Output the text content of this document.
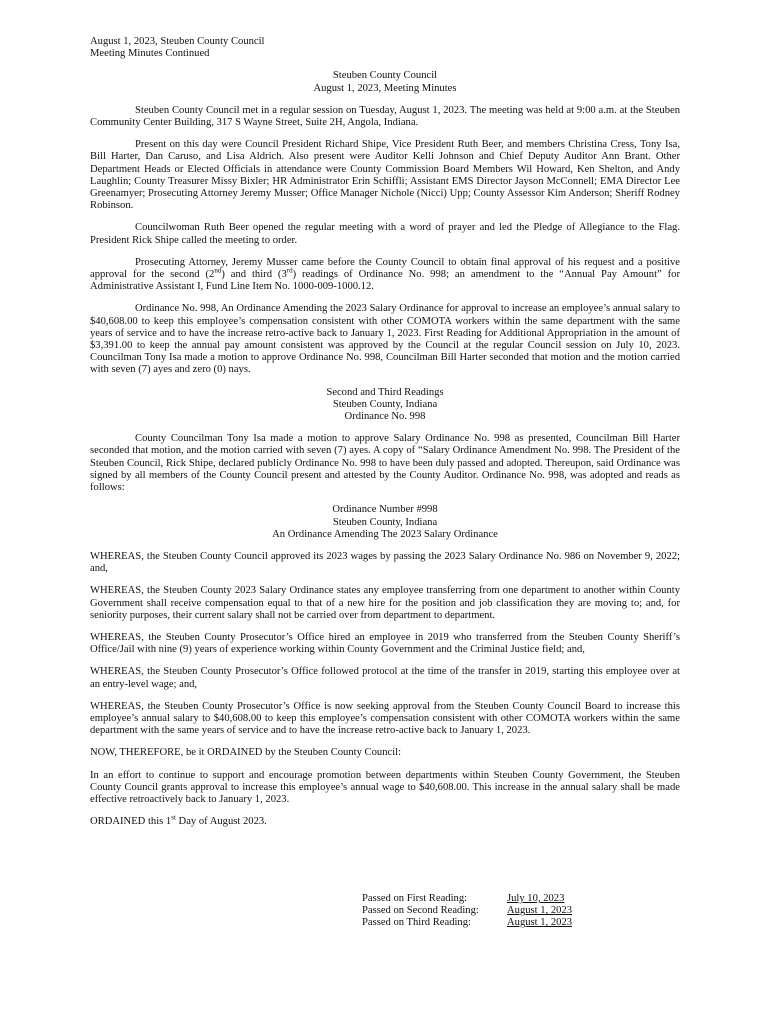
August 1, 2023, Steuben County Council
Meeting Minutes Continued
Steuben County Council
August 1, 2023, Meeting Minutes

Steuben County Council met in a regular session on Tuesday, August 1, 2023. The meeting was held at 9:00 a.m. at the Steuben Community Center Building, 317 S Wayne Street, Suite 2H, Angola, Indiana.

Present on this day were Council President Richard Shipe, Vice President Ruth Beer, and members Christina Cress, Tony Isa, Bill Harter, Dan Caruso, and Lisa Aldrich. Also present were Auditor Kelli Johnson and Chief Deputy Auditor Ann Brant. Other Department Heads or Elected Officials in attendance were County Commission Board Members Wil Howard, Ken Shelton, and Andy Laughlin; County Treasurer Missy Bixler; HR Administrator Erin Schiffli; Assistant EMS Director Jayson McConnell; EMA Director Lee Greenamyer; Prosecuting Attorney Jeremy Musser; Office Manager Nichole (Nicci) Upp; County Assessor Kim Anderson; Sheriff Rodney Robinson.

Councilwoman Ruth Beer opened the regular meeting with a word of prayer and led the Pledge of Allegiance to the Flag. President Rick Shipe called the meeting to order.

Prosecuting Attorney, Jeremy Musser came before the County Council to obtain final approval of his request and a positive approval for the second (2nd) and third (3rd) readings of Ordinance No. 998; an amendment to the “Annual Pay Amount” for Administrative Assistant I, Fund Line Item No. 1000-009-1000.12.

Ordinance No. 998, An Ordinance Amending the 2023 Salary Ordinance for approval to increase an employee’s annual salary to $40,608.00 to keep this employee’s compensation consistent with other COMOTA workers within the same department with the same years of service and to have the increase retro-active back to January 1, 2023. First Reading for Additional Appropriation in the amount of $3,391.00 to keep the annual pay amount consistent was approved by the Council at the regular Council session on July 10, 2023. Councilman Tony Isa made a motion to approve Ordinance No. 998, Councilman Bill Harter seconded that motion and the motion carried with seven (7) ayes and zero (0) nays.

Second and Third Readings
Steuben County, Indiana
Ordinance No. 998

County Councilman Tony Isa made a motion to approve Salary Ordinance No. 998 as presented, Councilman Bill Harter seconded that motion, and the motion carried with seven (7) ayes. A copy of “Salary Ordinance Amendment No. 998. The President of the Steuben Council, Rick Shipe, declared publicly Ordinance No. 998 to have been duly passed and adopted. Thereupon, said Ordinance was signed by all members of the County Council present and attested by the County Auditor. Ordinance No. 998, was adopted and reads as follows:

Ordinance Number #998
Steuben County, Indiana
An Ordinance Amending The 2023 Salary Ordinance

WHEREAS, the Steuben County Council approved its 2023 wages by passing the 2023 Salary Ordinance No. 986 on November 9, 2022; and,

WHEREAS, the Steuben County 2023 Salary Ordinance states any employee transferring from one department to another within County Government shall receive compensation equal to that of a new hire for the position and job classification they are moving to; and, for seniority purposes, their current salary shall not be carried over from department to department.

WHEREAS, the Steuben County Prosecutor’s Office hired an employee in 2019 who transferred from the Steuben County Sheriff’s Office/Jail with nine (9) years of experience working within County Government and the Criminal Justice field; and,

WHEREAS, the Steuben County Prosecutor’s Office followed protocol at the time of the transfer in 2019, starting this employee over at an entry-level wage; and,

WHEREAS, the Steuben County Prosecutor’s Office is now seeking approval from the Steuben County Council Board to increase this employee’s annual salary to $40,608.00 to keep this employee’s compensation consistent with other COMOTA workers within the same department with the same years of service and to have the increase retro-active back to January 1, 2023.

NOW, THEREFORE, be it ORDAINED by the Steuben County Council:

In an effort to continue to support and encourage promotion between departments within Steuben County Government, the Steuben County Council grants approval to increase this employee’s annual wage to $40,608.00. This increase in the annual salary shall be made effective retroactively back to January 1, 2023.

ORDAINED this 1st Day of August 2023.

Passed on First Reading:	July 10, 2023
Passed on Second Reading:	August 1, 2023
Passed on Third Reading:	August 1, 2023
